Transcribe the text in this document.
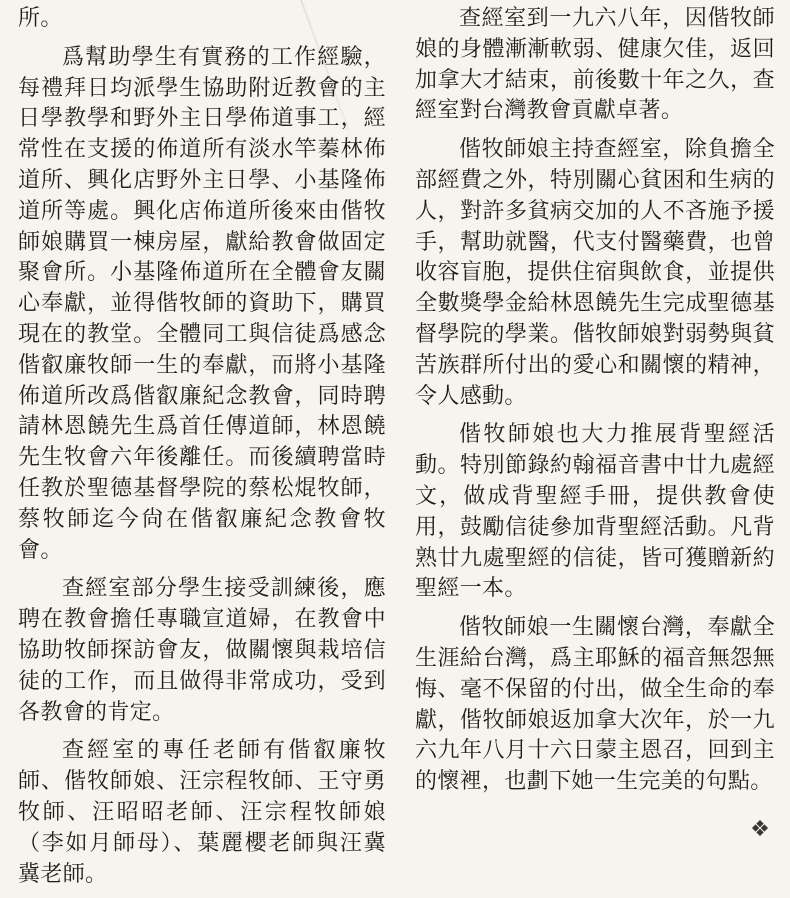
所。

爲幫助學生有實務的工作經驗，每禮拜日均派學生協助附近教會的主日學教學和野外主日學佈道事工，經常性在支援的佈道所有淡水竿蓁林佈道所、興化店野外主日學、小基隆佈道所等處。興化店佈道所後來由偕牧師娘購買一棟房屋，獻給教會做固定聚會所。小基隆佈道所在全體會友關心奉獻，並得偕牧師的資助下，購買現在的教堂。全體同工與信徒爲感念偕叡廉牧師一生的奉獻，而將小基隆佈道所改爲偕叡廉紀念教會，同時聘請林恩饒先生爲首任傳道師，林恩饒先生牧會六年後離任。而後續聘當時任教於聖德基督學院的蔡松焜牧師，蔡牧師迄今尙在偕叡廉紀念教會牧會。

查經室部分學生接受訓練後，應聘在教會擔任專職宣道婦，在教會中協助牧師探訪會友，做關懷與栽培信徒的工作，而且做得非常成功，受到各教會的肯定。

查經室的專任老師有偕叡廉牧師、偕牧師娘、汪宗程牧師、王守勇牧師、汪昭昭老師、汪宗程牧師娘（李如月師母）、葉麗櫻老師與汪冀冀老師。

查經室到一九六八年，因偕牧師娘的身體漸漸軟弱、健康欠佳，返回加拿大才結束，前後數十年之久，查經室對台灣教會貢獻卓著。

偕牧師娘主持查經室，除負擔全部經費之外，特別關心貧困和生病的人，對許多貧病交加的人不吝施予援手，幫助就醫，代支付醫藥費，也曾收容盲胞，提供住宿與飲食，並提供全數獎學金給林恩饒先生完成聖德基督學院的學業。偕牧師娘對弱勢與貧苦族群所付出的愛心和關懷的精神，令人感動。

偕牧師娘也大力推展背聖經活動。特別節錄約翰福音書中廿九處經文，做成背聖經手冊，提供教會使用，鼓勵信徒參加背聖經活動。凡背熟廿九處聖經的信徒，皆可獲贈新約聖經一本。

偕牧師娘一生關懷台灣，奉獻全生涯給台灣，爲主耶穌的福音無怨無悔、毫不保留的付出，做全生命的奉獻，偕牧師娘返加拿大次年，於一九六九年八月十六日蒙主恩召，回到主的懷裡，也劃下她一生完美的句點。

❖
